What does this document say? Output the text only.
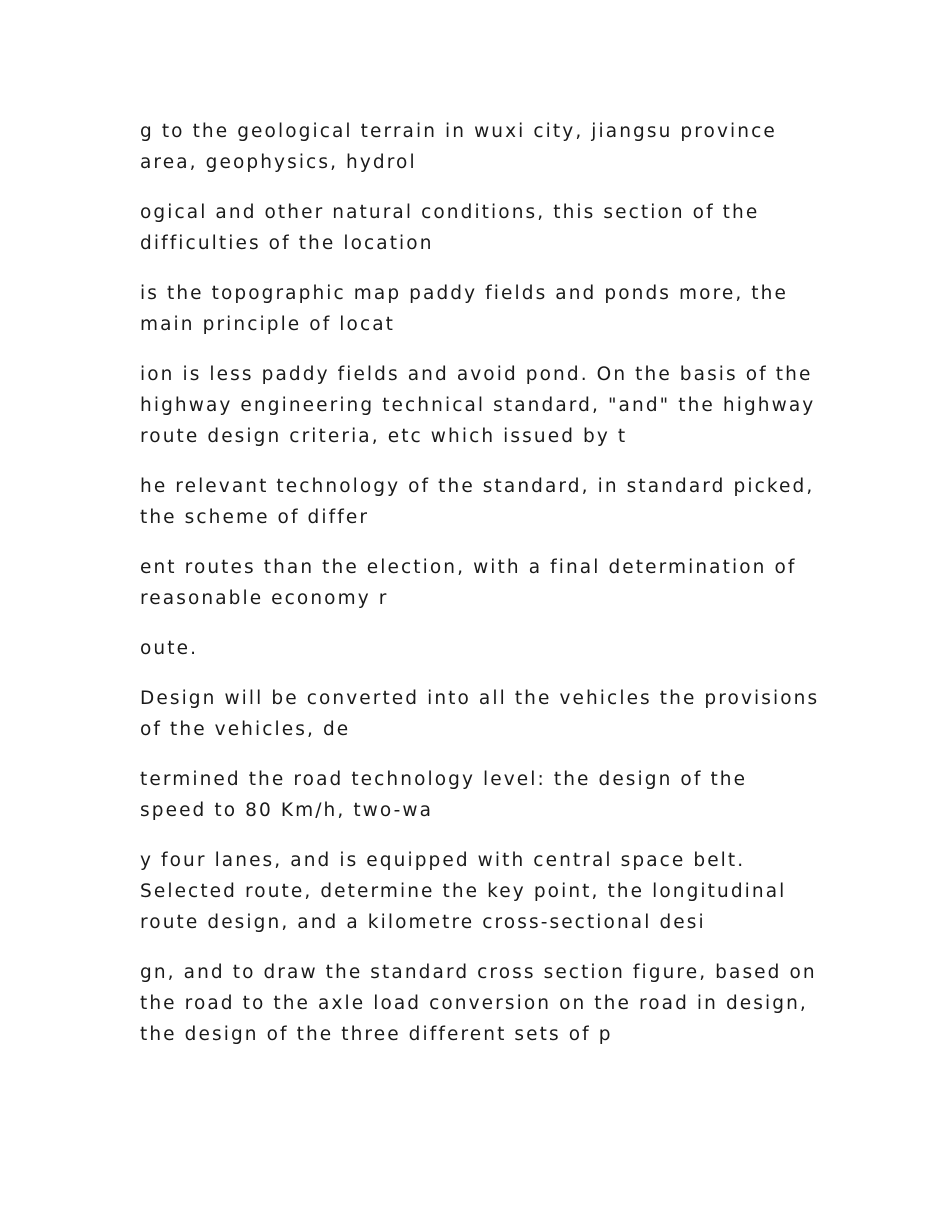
g to the geological terrain in wuxi city, jiangsu province area, geophysics, hydrol

ogical and other natural conditions, this section of the difficulties of the location

is the topographic map paddy fields and ponds more, the main principle of locat

ion is less paddy fields and avoid pond. On the basis of the highway engineering technical standard, "and" the highway route design criteria, etc which issued by t

he relevant technology of the standard, in standard picked, the scheme of differ

ent routes than the election, with a final determination of reasonable economy r

oute.

Design will be converted into all the vehicles the provisions of the vehicles, de

termined the road technology level: the design of the speed to 80 Km/h, two-wa

y four lanes, and is equipped with central space belt. Selected route, determine the key point, the longitudinal route design, and a kilometre cross-sectional desi

gn, and to draw the standard cross section figure, based on the road to the axle load conversion on the road in design, the design of the three different sets of p
